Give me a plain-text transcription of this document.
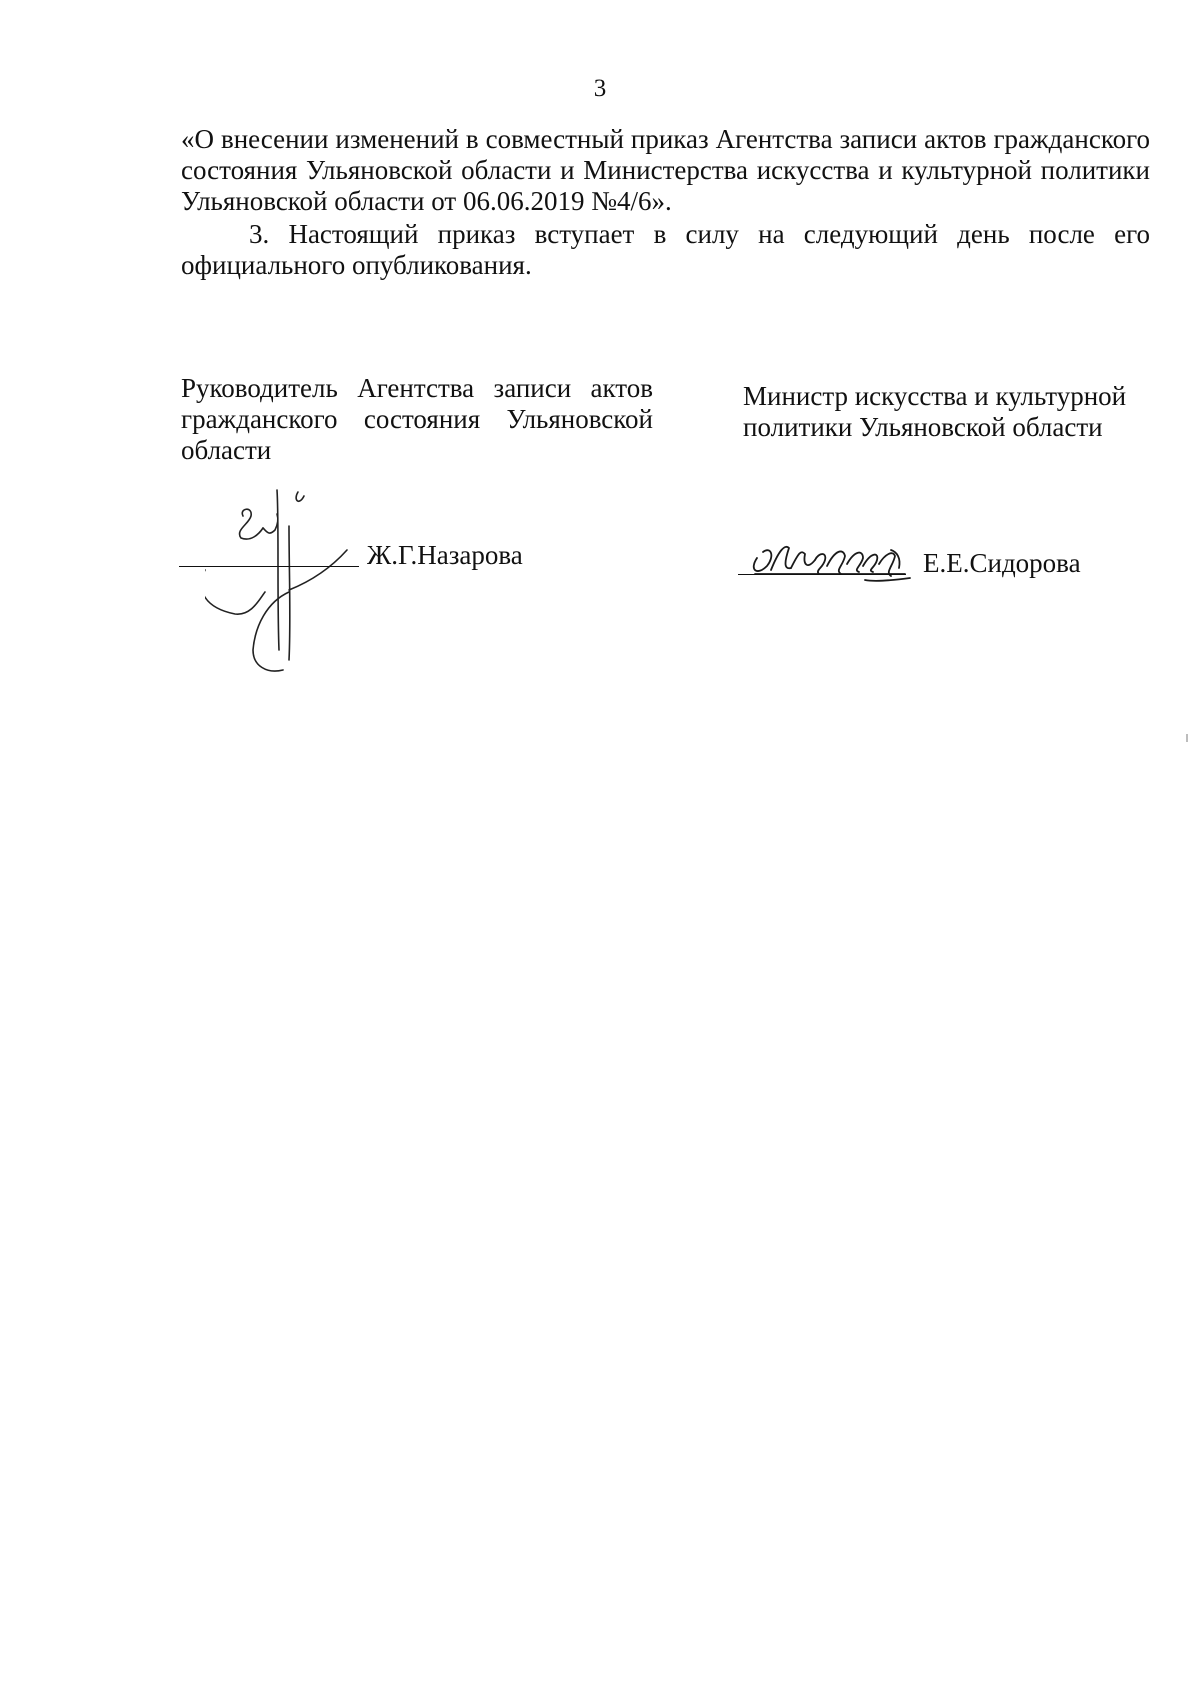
3

«О внесении изменений в совместный приказ Агентства записи актов гражданского состояния Ульяновской области и Министерства искусства и культурной политики Ульяновской области от 06.06.2019 №4/6».

3. Настоящий приказ вступает в силу на следующий день после его официального опубликования.

Руководитель Агентства записи актов гражданского состояния Ульяновской области
Ж.Г.Назарова
Министр искусства и культурной политики Ульяновской области
Е.Е.Сидорова
